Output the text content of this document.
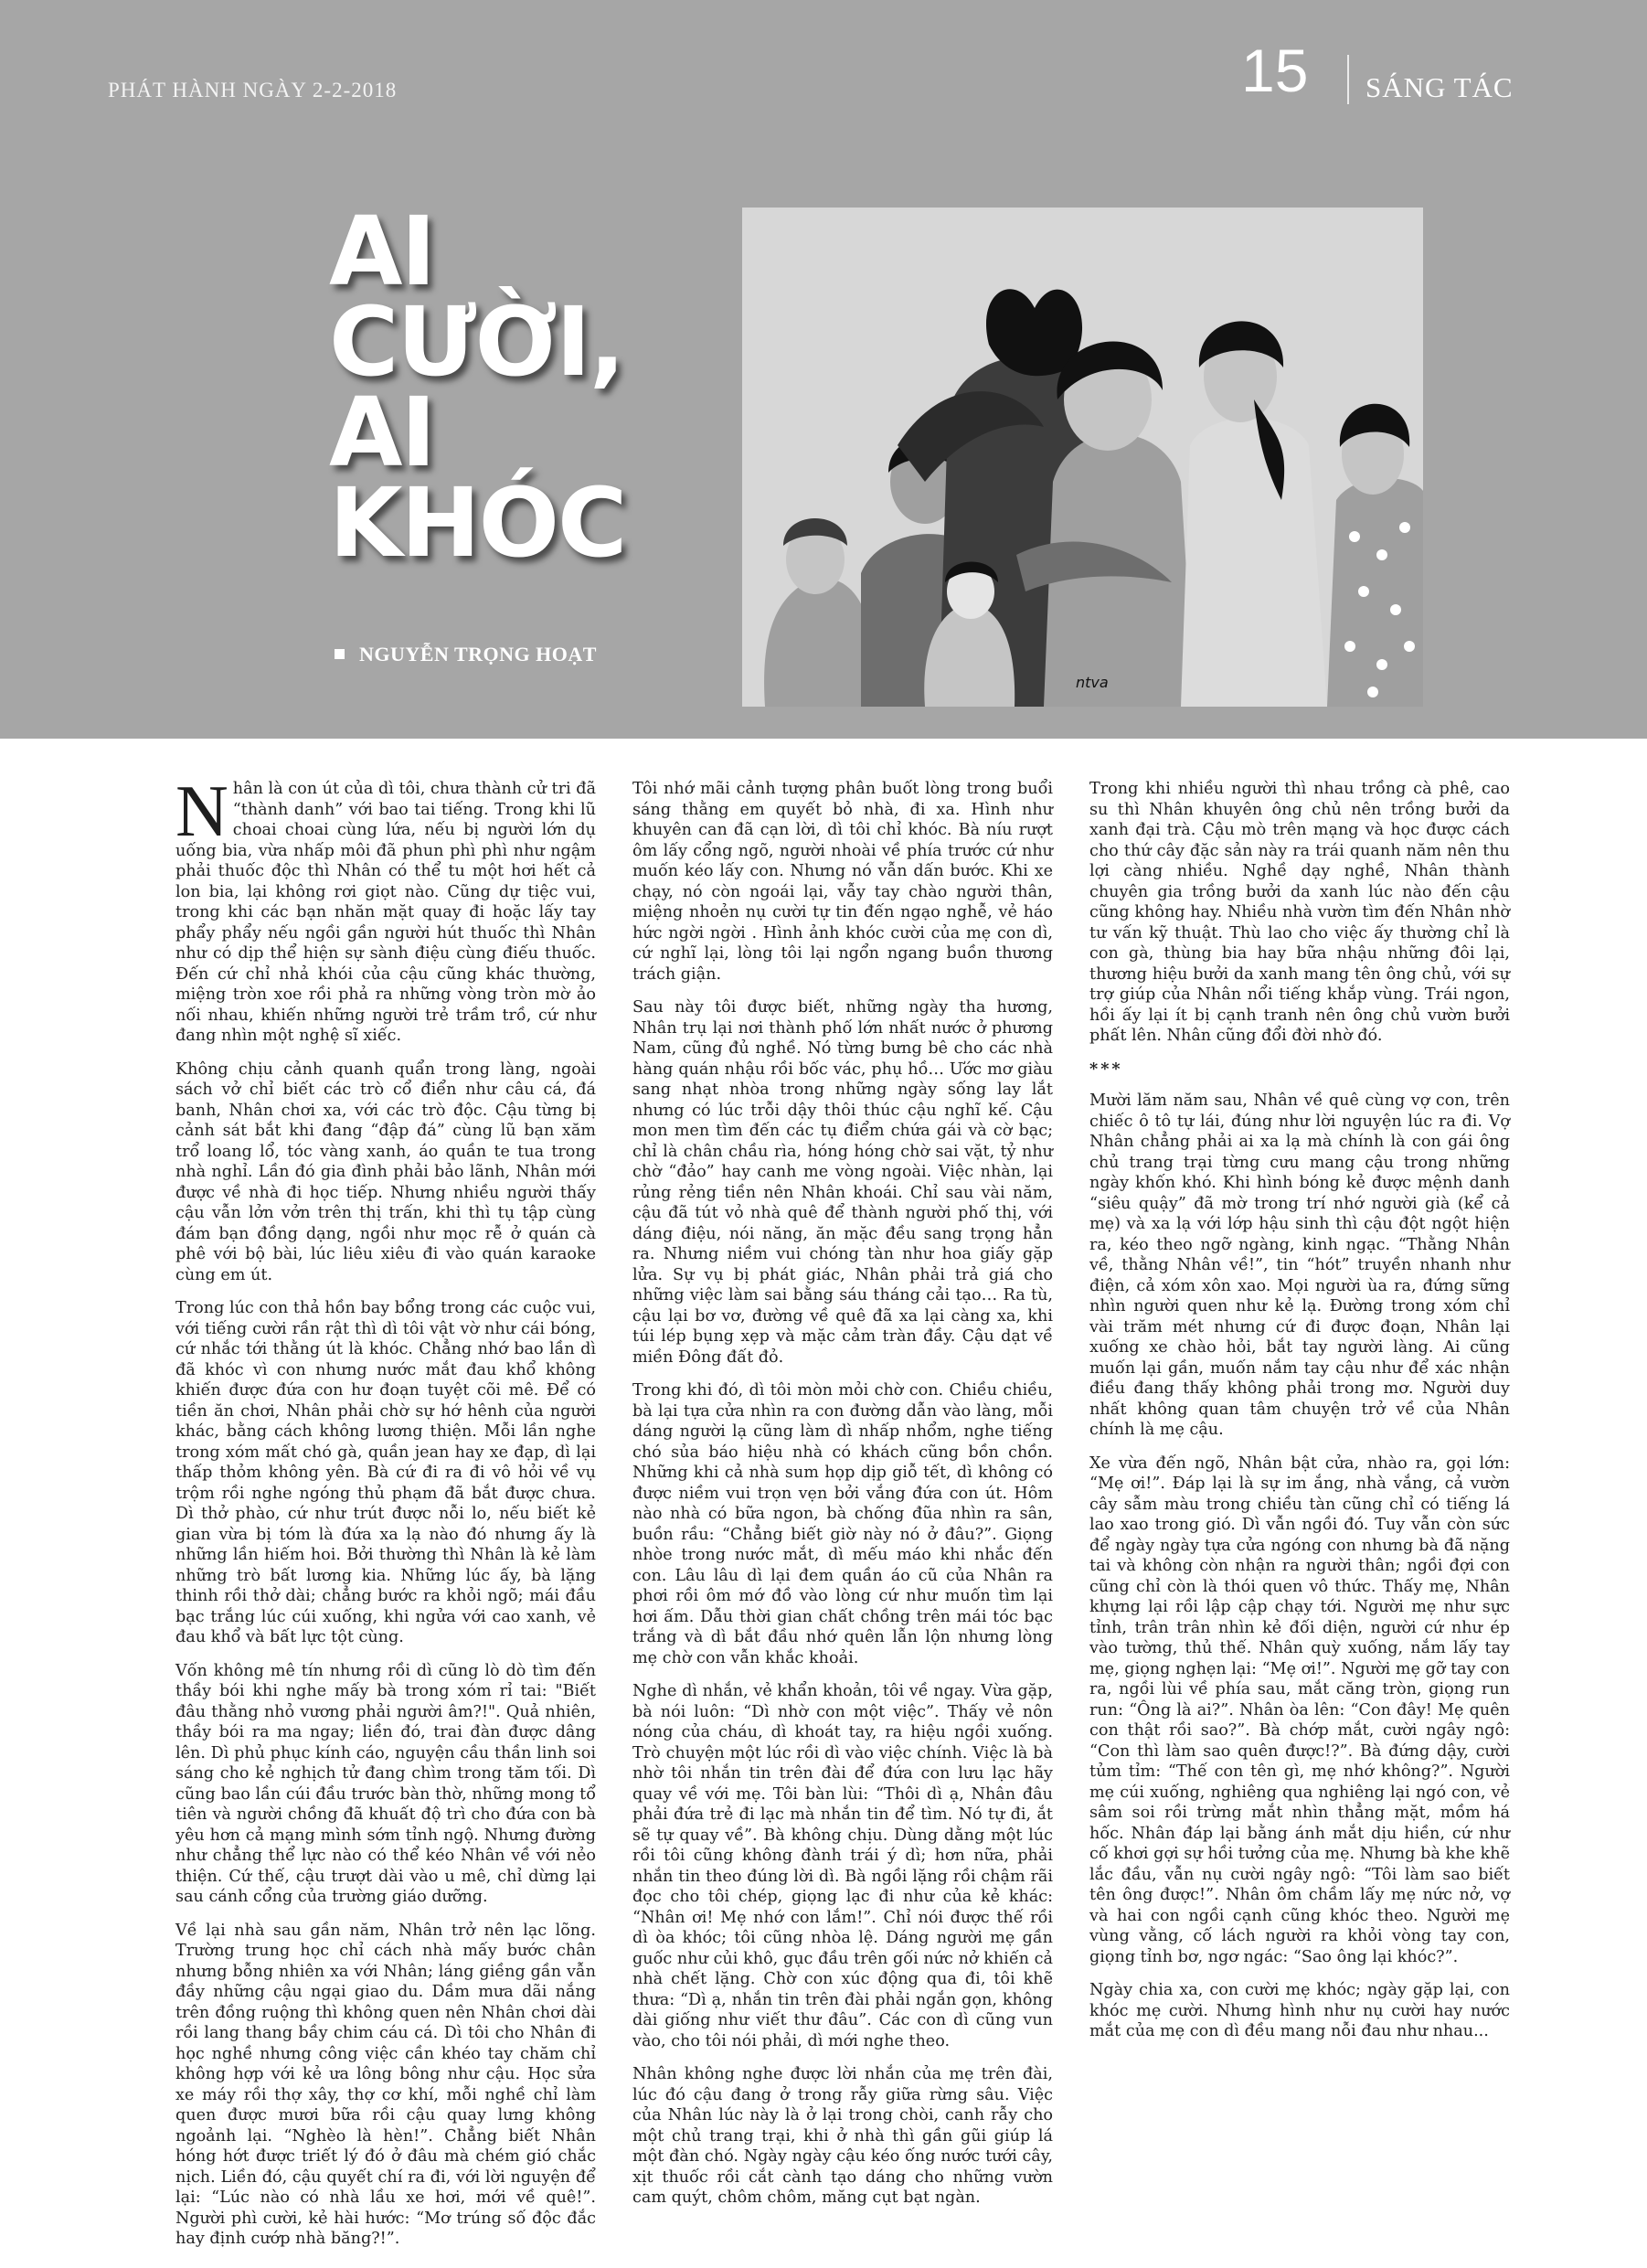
PHÁT HÀNH NGÀY 2-2-2018	15 SÁNG TÁC
AI
CƯỜI,
AI
KHÓC
NGUYỄN TRỌNG HOẠT
ntva

Nhân là con út của dì tôi, chưa thành cử tri đã “thành danh” với bao tai tiếng. Trong khi lũ choai choai cùng lứa, nếu bị người lớn dụ uống bia, vừa nhấp môi đã phun phì phì như ngậm phải thuốc độc thì Nhân có thể tu một hơi hết cả lon bia, lại không rơi giọt nào. Cũng dự tiệc vui, trong khi các bạn nhăn mặt quay đi hoặc lấy tay phẩy phẩy nếu ngồi gần người hút thuốc thì Nhân như có dịp thể hiện sự sành điệu cùng điếu thuốc. Đến cứ chỉ nhả khói của cậu cũng khác thường, miệng tròn xoe rồi phả ra những vòng tròn mờ ảo nối nhau, khiến những người trẻ trầm trồ, cứ như đang nhìn một nghệ sĩ xiếc.

Không chịu cảnh quanh quẩn trong làng, ngoài sách vở chỉ biết các trò cổ điển như câu cá, đá banh, Nhân chơi xa, với các trò độc. Cậu từng bị cảnh sát bắt khi đang “đập đá” cùng lũ bạn xăm trổ loang lổ, tóc vàng xanh, áo quần te tua trong nhà nghỉ. Lần đó gia đình phải bảo lãnh, Nhân mới được về nhà đi học tiếp. Nhưng nhiều người thấy cậu vẫn lởn vởn trên thị trấn, khi thì tụ tập cùng đám bạn đồng dạng, ngồi như mọc rễ ở quán cà phê với bộ bài, lúc liêu xiêu đi vào quán karaoke cùng em út.

Trong lúc con thả hồn bay bổng trong các cuộc vui, với tiếng cười rần rật thì dì tôi vật vờ như cái bóng, cứ nhắc tới thằng út là khóc. Chẳng nhớ bao lần dì đã khóc vì con nhưng nước mắt đau khổ không khiến được đứa con hư đoạn tuyệt cõi mê. Để có tiền ăn chơi, Nhân phải chờ sự hớ hênh của người khác, bằng cách không lương thiện. Mỗi lần nghe trong xóm mất chó gà, quần jean hay xe đạp, dì lại thấp thỏm không yên. Bà cứ đi ra đi vô hỏi về vụ trộm rồi nghe ngóng thủ phạm đã bắt được chưa. Dì thở phào, cứ như trút được nỗi lo, nếu biết kẻ gian vừa bị tóm là đứa xa lạ nào đó nhưng ấy là những lần hiếm hoi. Bởi thường thì Nhân là kẻ làm những trò bất lương kia. Những lúc ấy, bà lặng thinh rồi thở dài; chẳng bước ra khỏi ngõ; mái đầu bạc trắng lúc cúi xuống, khi ngửa với cao xanh, vẻ đau khổ và bất lực tột cùng.

Vốn không mê tín nhưng rồi dì cũng lò dò tìm đến thầy bói khi nghe mấy bà trong xóm rỉ tai: "Biết đâu thằng nhỏ vương phải người âm?!". Quả nhiên, thầy bói ra ma ngay; liền đó, trai đàn được dâng lên. Dì phủ phục kính cáo, nguyện cầu thần linh soi sáng cho kẻ nghịch tử đang chìm trong tăm tối. Dì cũng bao lần cúi đầu trước bàn thờ, những mong tổ tiên và người chồng đã khuất độ trì cho đứa con bà yêu hơn cả mạng mình sớm tỉnh ngộ. Nhưng đường như chẳng thể lực nào có thể kéo Nhân về với nẻo thiện. Cứ thế, cậu trượt dài vào u mê, chỉ dừng lại sau cánh cổng của trường giáo dưỡng.

Về lại nhà sau gần năm, Nhân trở nên lạc lõng. Trường trung học chỉ cách nhà mấy bước chân nhưng bỗng nhiên xa với Nhân; láng giềng gần vẫn đầy những cậu ngại giao du. Dầm mưa dãi nắng trên đồng ruộng thì không quen nên Nhân chơi dài rồi lang thang bầy chim cáu cá. Dì tôi cho Nhân đi học nghề nhưng công việc cần khéo tay chăm chỉ không hợp với kẻ ưa lông bông như cậu. Học sửa xe máy rồi thợ xây, thợ cơ khí, mỗi nghề chỉ làm quen được mươi bữa rồi cậu quay lưng không ngoảnh lại. “Nghèo là hèn!”. Chẳng biết Nhân hóng hớt được triết lý đó ở đâu mà chém gió chắc nịch. Liền đó, cậu quyết chí ra đi, với lời nguyện để lại: “Lúc nào có nhà lầu xe hơi, mới về quê!”. Người phì cười, kẻ hài hước: “Mơ trúng số độc đắc hay định cướp nhà băng?!”.

Tôi nhớ mãi cảnh tượng phân buốt lòng trong buổi sáng thằng em quyết bỏ nhà, đi xa. Hình như khuyên can đã cạn lời, dì tôi chỉ khóc. Bà níu rượt ôm lấy cổng ngõ, người nhoài về phía trước cứ như muốn kéo lấy con. Nhưng nó vẫn dấn bước. Khi xe chạy, nó còn ngoái lại, vẫy tay chào người thân, miệng nhoẻn nụ cười tự tin đến ngạo nghễ, vẻ háo hức ngời ngời . Hình ảnh khóc cười của mẹ con dì, cứ nghĩ lại, lòng tôi lại ngổn ngang buồn thương trách giận.

Sau này tôi được biết, những ngày tha hương, Nhân trụ lại nơi thành phố lớn nhất nước ở phương Nam, cũng đủ nghề. Nó từng bưng bê cho các nhà hàng quán nhậu rồi bốc vác, phụ hồ… Ước mơ giàu sang nhạt nhòa trong những ngày sống lay lắt nhưng có lúc trỗi dậy thôi thúc cậu nghĩ kế. Cậu mon men tìm đến các tụ điểm chứa gái và cờ bạc; chỉ là chân chầu rìa, hóng hóng chờ sai vặt, tỷ như chờ “đảo” hay canh me vòng ngoài. Việc nhàn, lại rủng rẻng tiền nên Nhân khoái. Chỉ sau vài năm, cậu đã tút vỏ nhà quê để thành người phố thị, với dáng điệu, nói năng, ăn mặc đều sang trọng hẳn ra. Nhưng niềm vui chóng tàn như hoa giấy gặp lửa. Sự vụ bị phát giác, Nhân phải trả giá cho những việc làm sai bằng sáu tháng cải tạo… Ra tù, cậu lại bơ vơ, đường về quê đã xa lại càng xa, khi túi lép bụng xẹp và mặc cảm tràn đầy. Cậu dạt về miền Đông đất đỏ.

Trong khi đó, dì tôi mòn mỏi chờ con. Chiều chiều, bà lại tựa cửa nhìn ra con đường dẫn vào làng, mỗi dáng người lạ cũng làm dì nhấp nhổm, nghe tiếng chó sủa báo hiệu nhà có khách cũng bồn chồn. Những khi cả nhà sum họp dịp giỗ tết, dì không có được niềm vui trọn vẹn bởi vắng đứa con út. Hôm nào nhà có bữa ngon, bà chống đũa nhìn ra sân, buồn rầu: “Chẳng biết giờ này nó ở đâu?”. Giọng nhòe trong nước mắt, dì mếu máo khi nhắc đến con. Lâu lâu dì lại đem quần áo cũ của Nhân ra phơi rồi ôm mớ đồ vào lòng cứ như muốn tìm lại hơi ấm. Dẫu thời gian chất chồng trên mái tóc bạc trắng và dì bắt đầu nhớ quên lẫn lộn nhưng lòng mẹ chờ con vẫn khắc khoải.

Nghe dì nhắn, vẻ khẩn khoản, tôi về ngay. Vừa gặp, bà nói luôn: “Dì nhờ con một việc”. Thấy vẻ nôn nóng của cháu, dì khoát tay, ra hiệu ngồi xuống. Trò chuyện một lúc rồi dì vào việc chính. Việc là bà nhờ tôi nhắn tin trên đài để đứa con lưu lạc hãy quay về với mẹ. Tôi bàn lùi: “Thôi dì ạ, Nhân đâu phải đứa trẻ đi lạc mà nhắn tin để tìm. Nó tự đi, ắt sẽ tự quay về”. Bà không chịu. Dùng dằng một lúc rồi tôi cũng không đành trái ý dì; hơn nữa, phải nhắn tin theo đúng lời dì. Bà ngồi lặng rồi chậm rãi đọc cho tôi chép, giọng lạc đi như của kẻ khác: “Nhân ơi! Mẹ nhớ con lắm!”. Chỉ nói được thế rồi dì òa khóc; tôi cũng nhòa lệ. Dáng người mẹ gần guốc như củi khô, gục đầu trên gối nức nở khiến cả nhà chết lặng. Chờ con xúc động qua đi, tôi khẽ thưa: “Dì ạ, nhắn tin trên đài phải ngắn gọn, không dài giống như viết thư đâu”. Các con dì cũng vun vào, cho tôi nói phải, dì mới nghe theo.

Nhân không nghe được lời nhắn của mẹ trên đài, lúc đó cậu đang ở trong rẫy giữa rừng sâu. Việc của Nhân lúc này là ở lại trong chòi, canh rẫy cho một chủ trang trại, khi ở nhà thì gần gũi giúp lá một đàn chó. Ngày ngày cậu kéo ống nước tưới cây, xịt thuốc rồi cắt cành tạo dáng cho những vườn cam quýt, chôm chôm, măng cụt bạt ngàn.

Trong khi nhiều người thì nhau trồng cà phê, cao su thì Nhân khuyên ông chủ nên trồng bưởi da xanh đại trà. Cậu mò trên mạng và học được cách cho thứ cây đặc sản này ra trái quanh năm nên thu lợi càng nhiều. Nghề dạy nghề, Nhân thành chuyên gia trồng bưởi da xanh lúc nào đến cậu cũng không hay. Nhiều nhà vườn tìm đến Nhân nhờ tư vấn kỹ thuật. Thù lao cho việc ấy thường chỉ là con gà, thùng bia hay bữa nhậu những đôi lại, thương hiệu bưởi da xanh mang tên ông chủ, với sự trợ giúp của Nhân nổi tiếng khắp vùng. Trái ngon, hồi ấy lại ít bị cạnh tranh nên ông chủ vườn bưởi phất lên. Nhân cũng đổi đời nhờ đó.

***

Mười lăm năm sau, Nhân về quê cùng vợ con, trên chiếc ô tô tự lái, đúng như lời nguyện lúc ra đi. Vợ Nhân chẳng phải ai xa lạ mà chính là con gái ông chủ trang trại từng cưu mang cậu trong những ngày khốn khó. Khi hình bóng kẻ được mệnh danh “siêu quậy” đã mờ trong trí nhớ người già (kể cả mẹ) và xa lạ với lớp hậu sinh thì cậu đột ngột hiện ra, kéo theo ngỡ ngàng, kinh ngạc. “Thằng Nhân về, thằng Nhân về!”, tin “hót” truyền nhanh như điện, cả xóm xôn xao. Mọi người ùa ra, đứng sững nhìn người quen như kẻ lạ. Đường trong xóm chỉ vài trăm mét nhưng cứ đi được đoạn, Nhân lại xuống xe chào hỏi, bắt tay người làng. Ai cũng muốn lại gần, muốn nắm tay cậu như để xác nhận điều đang thấy không phải trong mơ. Người duy nhất không quan tâm chuyện trở về của Nhân chính là mẹ cậu.

Xe vừa đến ngõ, Nhân bật cửa, nhào ra, gọi lớn: “Mẹ ơi!”. Đáp lại là sự im ắng, nhà vắng, cả vườn cây sẫm màu trong chiều tàn cũng chỉ có tiếng lá lao xao trong gió. Dì vẫn ngồi đó. Tuy vẫn còn sức để ngày ngày tựa cửa ngóng con nhưng bà đã nặng tai và không còn nhận ra người thân; ngồi đợi con cũng chỉ còn là thói quen vô thức. Thấy mẹ, Nhân khựng lại rồi lập cập chạy tới. Người mẹ như sực tỉnh, trân trân nhìn kẻ đối diện, người cứ như ép vào tường, thủ thế. Nhân quỳ xuống, nắm lấy tay mẹ, giọng nghẹn lại: “Mẹ ơi!”. Người mẹ gỡ tay con ra, ngồi lùi về phía sau, mắt căng tròn, giọng run run: “Ông là ai?”. Nhân òa lên: “Con đây! Mẹ quên con thật rồi sao?”. Bà chớp mắt, cười ngây ngô: “Con thì làm sao quên được!?”. Bà đứng dậy, cười tủm tỉm: “Thế con tên gì, mẹ nhớ không?”. Người mẹ cúi xuống, nghiêng qua nghiêng lại ngó con, vẻ sâm soi rồi trừng mắt nhìn thẳng mặt, mồm há hốc. Nhân đáp lại bằng ánh mắt dịu hiền, cứ như cố khơi gợi sự hồi tưởng của mẹ. Nhưng bà khe khẽ lắc đầu, vẫn nụ cười ngây ngô: “Tôi làm sao biết tên ông được!”. Nhân ôm chầm lấy mẹ nức nở, vợ và hai con ngồi cạnh cũng khóc theo. Người mẹ vùng vằng, cố lách người ra khỏi vòng tay con, giọng tỉnh bơ, ngơ ngác: “Sao ông lại khóc?”.

Ngày chia xa, con cười mẹ khóc; ngày gặp lại, con khóc mẹ cười. Nhưng hình như nụ cười hay nước mắt của mẹ con dì đều mang nỗi đau như nhau...
